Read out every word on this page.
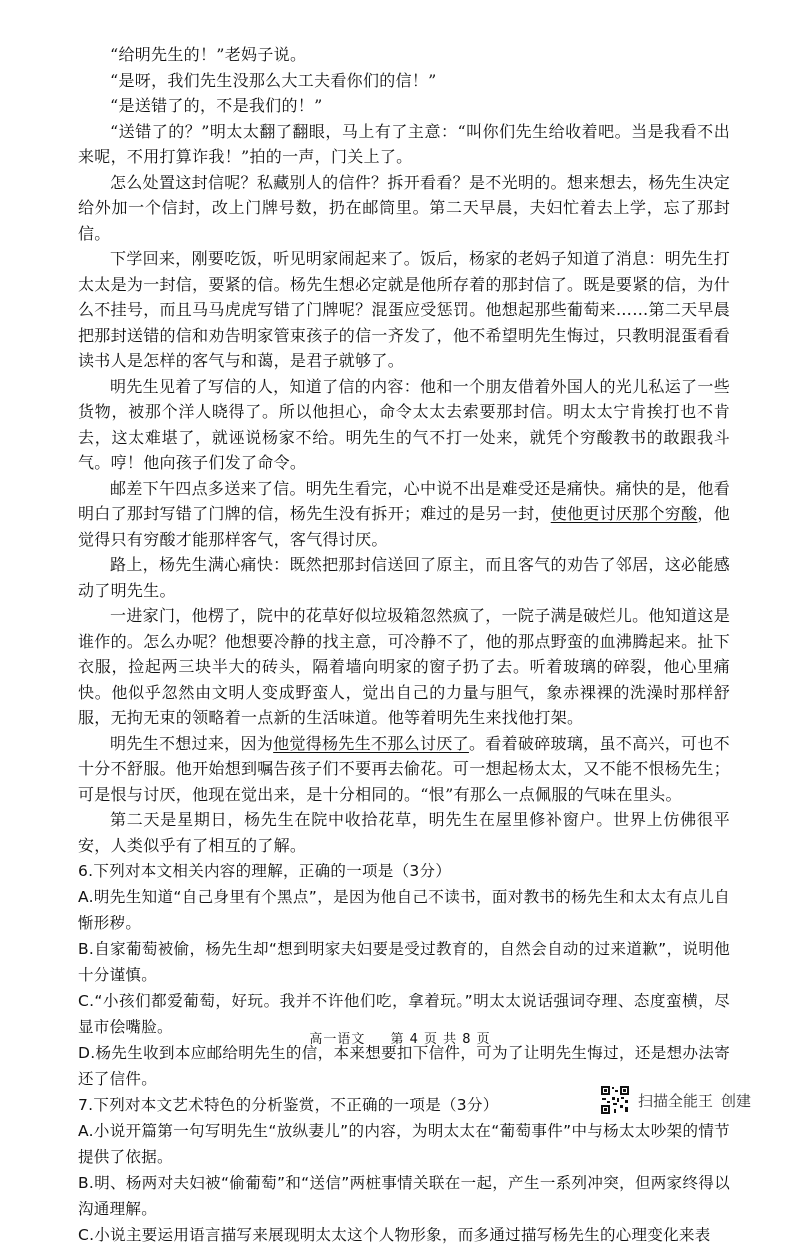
“给明先生的！”老妈子说。

“是呀，我们先生没那么大工夫看你们的信！”

“是送错了的，不是我们的！”

“送错了的？”明太太翻了翻眼，马上有了主意：“叫你们先生给收着吧。当是我看不出来呢，不用打算诈我！”拍的一声，门关上了。

怎么处置这封信呢？私藏别人的信件？拆开看看？是不光明的。想来想去，杨先生决定给外加一个信封，改上门牌号数，扔在邮筒里。第二天早晨，夫妇忙着去上学，忘了那封信。

下学回来，刚要吃饭，听见明家闹起来了。饭后，杨家的老妈子知道了消息：明先生打太太是为一封信，要紧的信。杨先生想必定就是他所存着的那封信了。既是要紧的信，为什么不挂号，而且马马虎虎写错了门牌呢？混蛋应受惩罚。他想起那些葡萄来……第二天早晨把那封送错的信和劝告明家管束孩子的信一齐发了，他不希望明先生悔过，只教明混蛋看看读书人是怎样的客气与和蔼，是君子就够了。

明先生见着了写信的人，知道了信的内容：他和一个朋友借着外国人的光儿私运了一些货物，被那个洋人晓得了。所以他担心，命令太太去索要那封信。明太太宁肯挨打也不肯去，这太难堪了，就诬说杨家不给。明先生的气不打一处来，就凭个穷酸教书的敢跟我斗气。哼！他向孩子们发了命令。

邮差下午四点多送来了信。明先生看完，心中说不出是难受还是痛快。痛快的是，他看明白了那封写错了门牌的信，杨先生没有拆开；难过的是另一封，使他更讨厌那个穷酸，他觉得只有穷酸才能那样客气，客气得讨厌。

路上，杨先生满心痛快：既然把那封信送回了原主，而且客气的劝告了邻居，这必能感动了明先生。

一进家门，他楞了，院中的花草好似垃圾箱忽然疯了，一院子满是破烂儿。他知道这是谁作的。怎么办呢？他想要冷静的找主意，可冷静不了，他的那点野蛮的血沸腾起来。扯下衣服，捡起两三块半大的砖头，隔着墙向明家的窗子扔了去。听着玻璃的碎裂，他心里痛快。他似乎忽然由文明人变成野蛮人，觉出自己的力量与胆气，象赤裸裸的洗澡时那样舒服，无拘无束的领略着一点新的生活味道。他等着明先生来找他打架。

明先生不想过来，因为他觉得杨先生不那么讨厌了。看着破碎玻璃，虽不高兴，可也不十分不舒服。他开始想到嘱告孩子们不要再去偷花。可一想起杨太太，又不能不恨杨先生；可是恨与讨厌，他现在觉出来，是十分相同的。“恨”有那么一点佩服的气味在里头。

第二天是星期日，杨先生在院中收拾花草，明先生在屋里修补窗户。世界上仿佛很平安，人类似乎有了相互的了解。

6.下列对本文相关内容的理解，正确的一项是（3分）

A.明先生知道“自己身里有个黑点”，是因为他自己不读书，面对教书的杨先生和太太有点儿自惭形秽。

B.自家葡萄被偷，杨先生却“想到明家夫妇要是受过教育的，自然会自动的过来道歉”，说明他十分谨慎。

C.“小孩们都爱葡萄，好玩。我并不许他们吃，拿着玩。”明太太说话强词夺理、态度蛮横，尽显市侩嘴脸。

D.杨先生收到本应邮给明先生的信，本来想要扣下信件，可为了让明先生悔过，还是想办法寄还了信件。

7.下列对本文艺术特色的分析鉴赏，不正确的一项是（3分）

A.小说开篇第一句写明先生“放纵妻儿”的内容，为明太太在“葡萄事件”中与杨太太吵架的情节提供了依据。

B.明、杨两对夫妇被“偷葡萄”和“送信”两桩事情关联在一起，产生一系列冲突，但两家终得以沟通理解。

C.小说主要运用语言描写来展现明太太这个人物形象，而多通过描写杨先生的心理变化来表

高一语文 第 4 页 共 8 页
扫描全能王 创建
